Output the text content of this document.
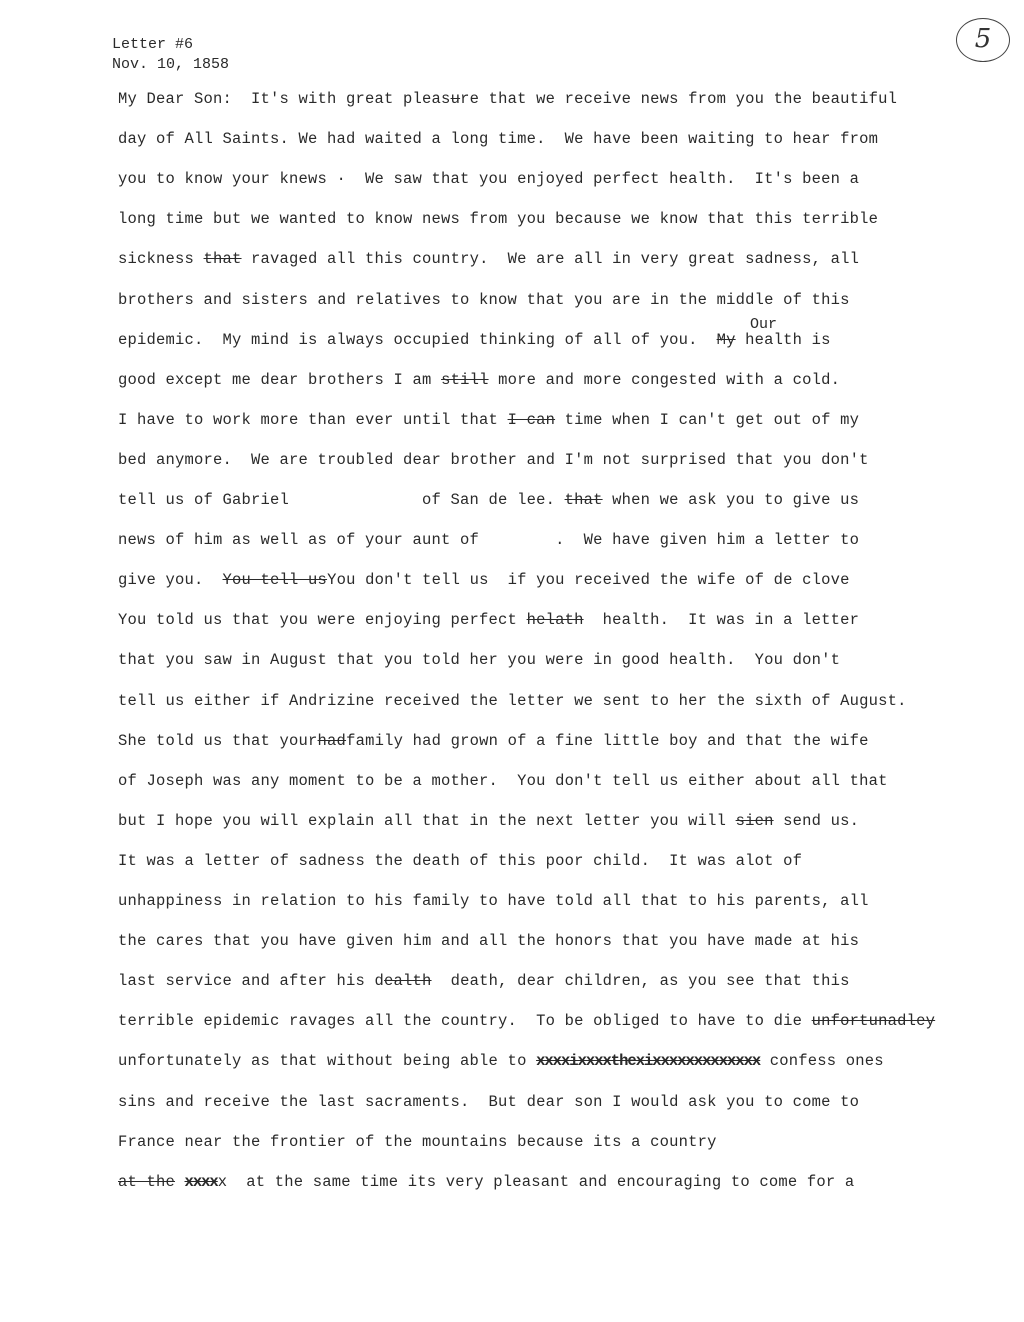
Letter #6
Nov. 10, 1858
5
Our
My Dear Son:  It's with great pleasure that we receive news from you the beautiful
day of All Saints. We had waited a long time.  We have been waiting to hear from
you to know your knews ·  We saw that you enjoyed perfect health.  It's been a
long time but we wanted to know news from you because we know that this terrible
sickness that ravaged all this country.  We are all in very great sadness, all
brothers and sisters and relatives to know that you are in the middle of this
epidemic.  My mind is always occupied thinking of all of you.  My health is
good except me dear brothers I am still more and more congested with a cold.
I have to work more than ever until that I can time when I can't get out of my
bed anymore.  We are troubled dear brother and I'm not surprised that you don't
tell us of Gabriel              of San de lee. that when we ask you to give us
news of him as well as of your aunt of        .  We have given him a letter to
give you.  You tell usYou don't tell us  if you received the wife of de clove
You told us that you were enjoying perfect helath  health.  It was in a letter
that you saw in August that you told her you were in good health.  You don't
tell us either if Andrizine received the letter we sent to her the sixth of August.
She told us that yourhadfamily had grown of a fine little boy and that the wife
of Joseph was any moment to be a mother.  You don't tell us either about all that
but I hope you will explain all that in the next letter you will sien send us.
It was a letter of sadness the death of this poor child.  It was alot of
unhappiness in relation to his family to have told all that to his parents, all
the cares that you have given him and all the honors that you have made at his
last service and after his dealth  death, dear children, as you see that this
terrible epidemic ravages all the country.  To be obliged to have to die unfortunadley
unfortunately as that without being able to xxxxixxxxthexixxxxxxxxxxxxx confess ones
sins and receive the last sacraments.  But dear son I would ask you to come to
France near the frontier of the mountains because its a country
at the xxxxx  at the same time its very pleasant and encouraging to come for a
